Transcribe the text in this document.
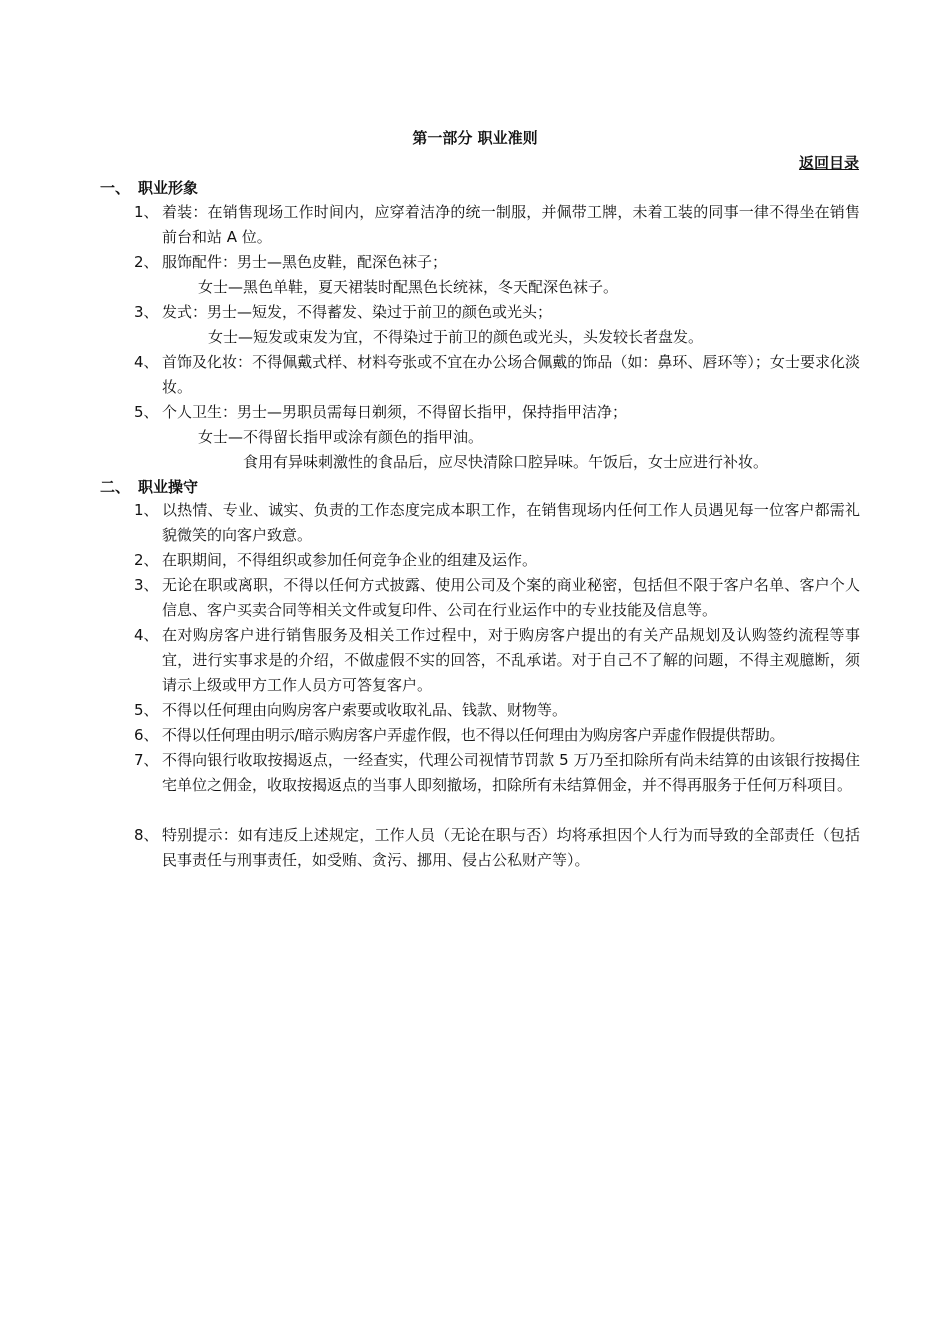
第一部分 职业准则
返回目录
一、 职业形象
1、 着装：在销售现场工作时间内，应穿着洁净的统一制服，并佩带工牌，未着工装的同事一律不得坐在销售前台和站 A 位。
2、 服饰配件：男士—黑色皮鞋，配深色袜子；
女士—黑色单鞋，夏天裙装时配黑色长统袜，冬天配深色袜子。
3、 发式：男士—短发，不得蓄发、染过于前卫的颜色或光头；
女士—短发或束发为宜，不得染过于前卫的颜色或光头，头发较长者盘发。
4、 首饰及化妆：不得佩戴式样、材料夸张或不宜在办公场合佩戴的饰品（如：鼻环、唇环等）；女士要求化淡妆。
5、 个人卫生：男士—男职员需每日剃须，不得留长指甲，保持指甲洁净；
女士—不得留长指甲或涂有颜色的指甲油。
食用有异味刺激性的食品后，应尽快清除口腔异味。午饭后，女士应进行补妆。
二、 职业操守
1、 以热情、专业、诚实、负责的工作态度完成本职工作，在销售现场内任何工作人员遇见每一位客户都需礼貌微笑的向客户致意。
2、 在职期间，不得组织或参加任何竞争企业的组建及运作。
3、 无论在职或离职，不得以任何方式披露、使用公司及个案的商业秘密，包括但不限于客户名单、客户个人信息、客户买卖合同等相关文件或复印件、公司在行业运作中的专业技能及信息等。
4、 在对购房客户进行销售服务及相关工作过程中，对于购房客户提出的有关产品规划及认购签约流程等事宜，进行实事求是的介绍，不做虚假不实的回答，不乱承诺。对于自己不了解的问题，不得主观臆断，须请示上级或甲方工作人员方可答复客户。
5、 不得以任何理由向购房客户索要或收取礼品、钱款、财物等。
6、 不得以任何理由明示/暗示购房客户弄虚作假，也不得以任何理由为购房客户弄虚作假提供帮助。
7、 不得向银行收取按揭返点，一经查实，代理公司视情节罚款 5 万乃至扣除所有尚未结算的由该银行按揭住宅单位之佣金，收取按揭返点的当事人即刻撤场，扣除所有未结算佣金，并不得再服务于任何万科项目。
8、 特别提示：如有违反上述规定，工作人员（无论在职与否）均将承担因个人行为而导致的全部责任（包括民事责任与刑事责任，如受贿、贪污、挪用、侵占公私财产等）。
